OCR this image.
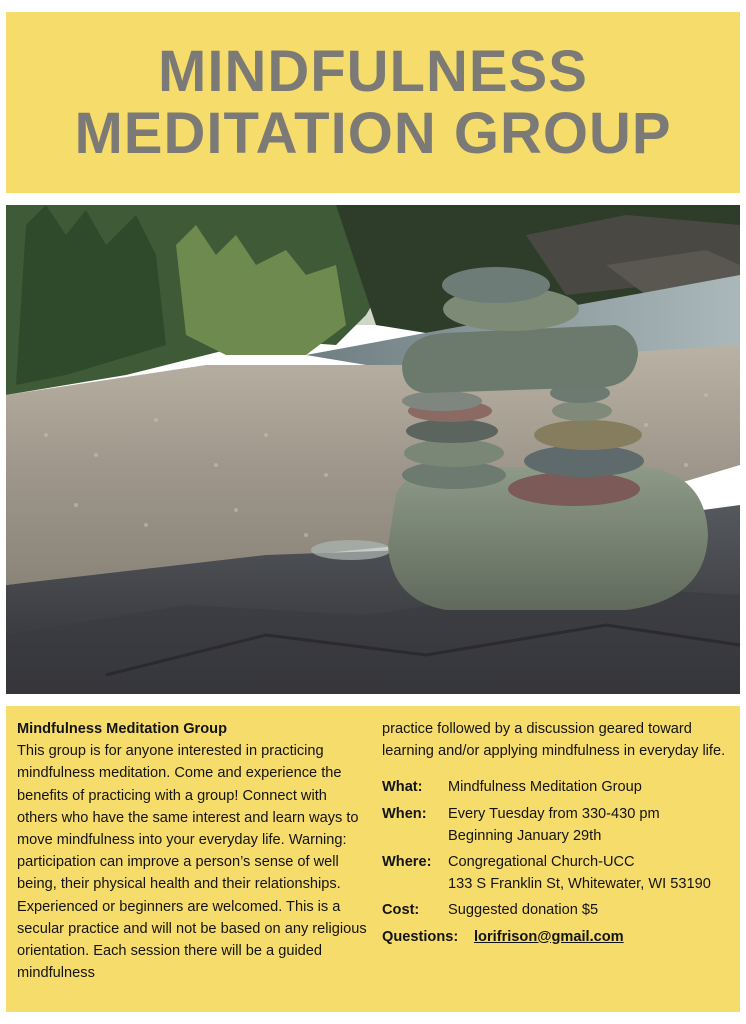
MINDFULNESS
MEDITATION GROUP
Mindfulness Meditation Group
This group is for anyone interested in practicing mindfulness meditation. Come and experience the benefits of practicing with a group! Connect with others who have the same interest and learn ways to move mindfulness into your everyday life. Warning: participation can improve a person’s sense of well being, their physical health and their relationships. Experienced or beginners are welcomed. This is a secular practice and will not be based on any religious orientation. Each session there will be a guided mindfulness
practice followed by a discussion geared toward learning and/or applying mindfulness in everyday life.
What:	Mindfulness Meditation Group
When:	Every Tuesday from 330-430 pm
Beginning January 29th
Where:	Congregational Church-UCC
133 S Franklin St, Whitewater, WI 53190
Cost:	Suggested donation $5
Questions:	lorifrison@gmail.com
